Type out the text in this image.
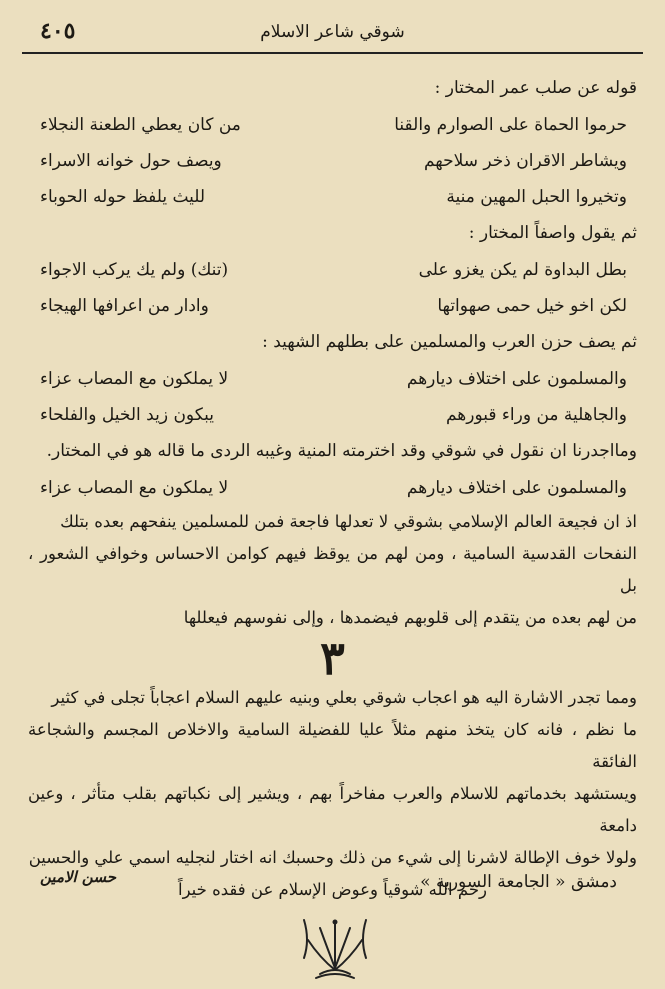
شوقي شاعر الاسلام
٤٠٥
قوله عن صلب عمر المختار :
حرموا الحماة على الصوارم والقنا
من كان يعطي الطعنة النجلاء
ويشاطر الاقران ذخر سلاحهم
ويصف حول خوانه الاسراء
وتخيروا الحبل المهين منية
لليث يلفظ حوله الحوباء
ثم يقول واصفاً المختار :
بطل البداوة لم يكن يغزو على
(تنك) ولم يك يركب الاجواء
لكن اخو خيل حمى صهواتها
وادار من اعرافها الهيجاء
ثم يصف حزن العرب والمسلمين على بطلهم الشهيد :
والمسلمون على اختلاف ديارهم
لا يملكون مع المصاب عزاء
والجاهلية من وراء قبورهم
يبكون زيد الخيل والفلحاء
ومااجدرنا ان نقول في شوقي وقد اخترمته المنية وغيبه الردى ما قاله هو في المختار.
والمسلمون على اختلاف ديارهم
لا يملكون مع المصاب عزاء
اذ ان فجيعة العالم الإسلامي بشوقي لا تعدلها فاجعة فمن للمسلمين ينفحهم بعده بتلك
النفحات القدسية السامية ، ومن لهم من يوقظ فيهم كوامن الاحساس وخوافي الشعور ، بل
من لهم بعده من يتقدم إلى قلوبهم فيضمدها ، وإلى نفوسهم فيعللها
٣
ومما تجدر الاشارة اليه هو اعجاب شوقي بعلي وبنيه عليهم السلام اعجاباً تجلى في كثير
ما نظم ، فانه كان يتخذ منهم مثلاً عليا للفضيلة السامية والاخلاص المجسم والشجاعة الفائقة
ويستشهد بخدماتهم للاسلام والعرب مفاخراً بهم ، ويشير إلى نكباتهم بقلب متأثر ، وعين دامعة
ولولا خوف الإطالة لاشرنا إلى شيء من ذلك وحسبك انه اختار لنجليه اسمي علي والحسين
رحم الله شوقياً وعوض الإسلام عن فقده خيراً
دمشق « الجامعة السورية »
حسن الامين
